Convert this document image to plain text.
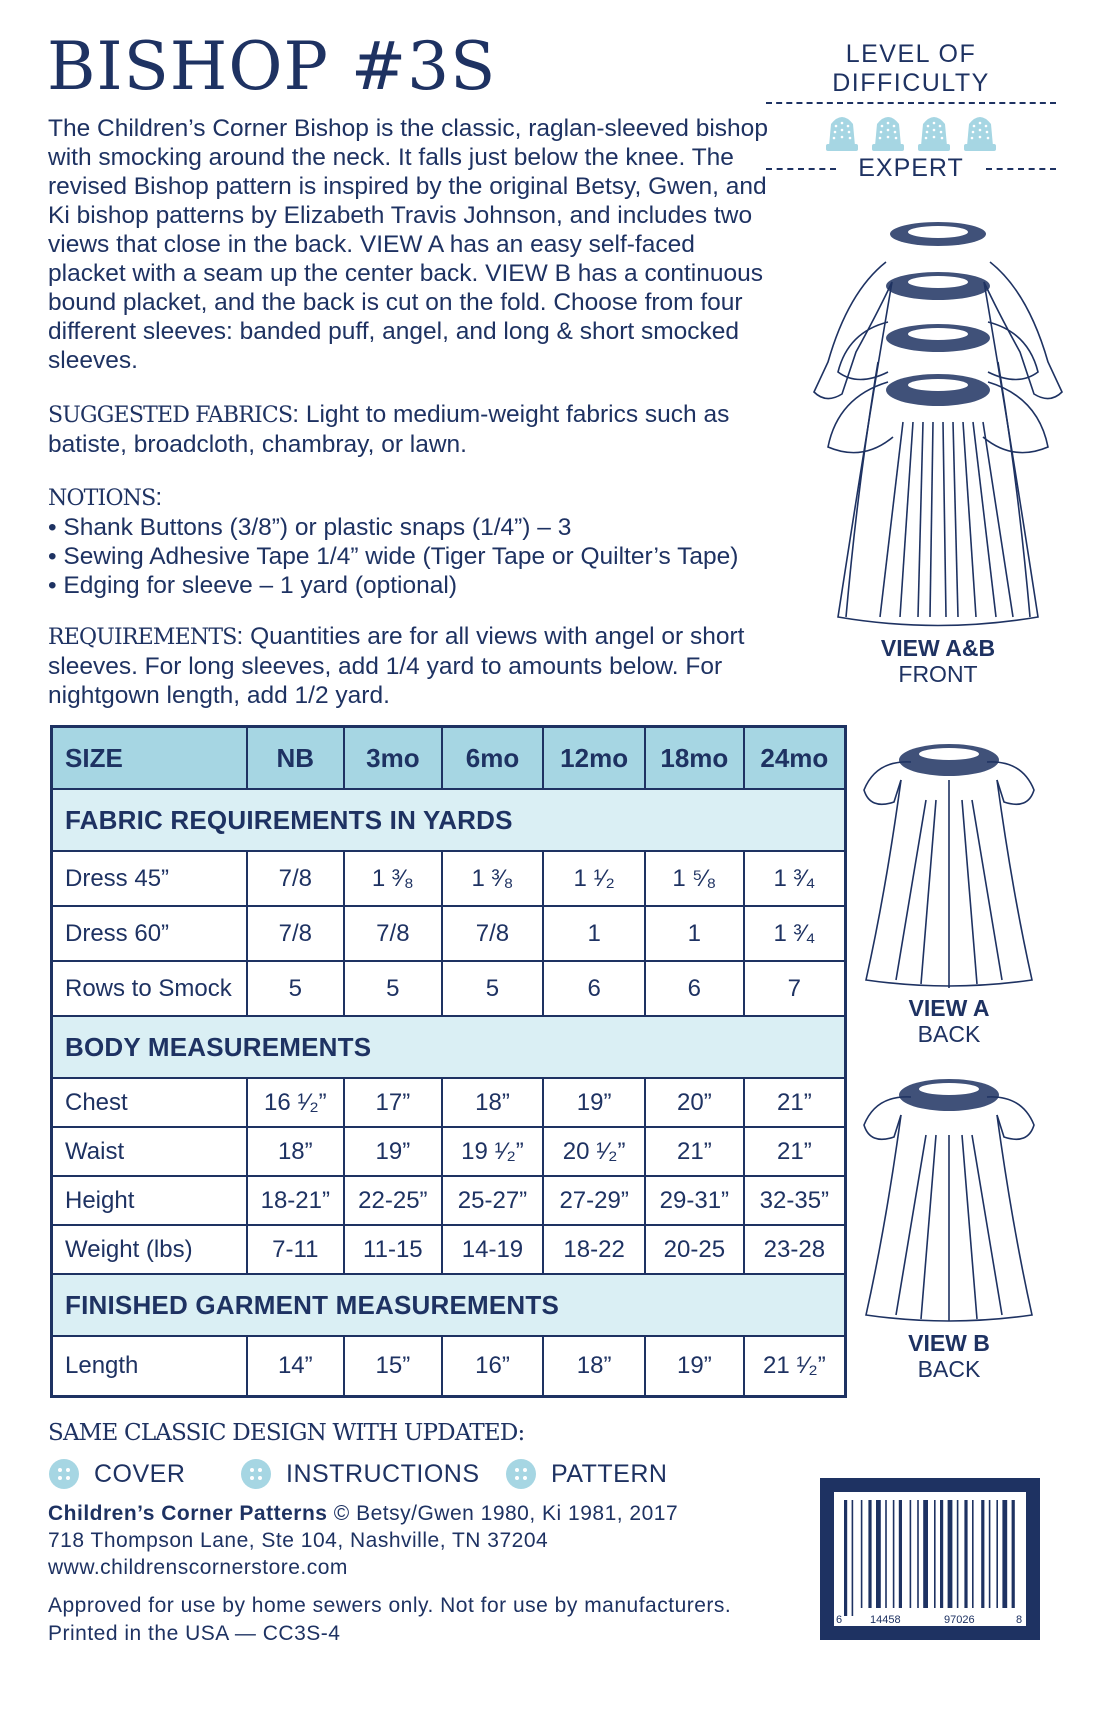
BISHOP #3S

The Children’s Corner Bishop is the classic, raglan-sleeved bishop with smocking around the neck. It falls just below the knee. The revised Bishop pattern is inspired by the original Betsy, Gwen, and Ki bishop patterns by Elizabeth Travis Johnson, and includes two views that close in the back. VIEW A has an easy self-faced placket with a seam up the center back. VIEW B has a continuous bound placket, and the back is cut on the fold. Choose from four different sleeves: banded puff, angel, and long & short smocked sleeves.

SUGGESTED FABRICS: Light to medium-weight fabrics such as batiste, broadcloth, chambray, or lawn.
NOTIONS:
• Shank Buttons (3/8”) or plastic snaps (1/4”) – 3
• Sewing Adhesive Tape 1/4” wide (Tiger Tape or Quilter’s Tape)
• Edging for sleeve – 1 yard (optional)
REQUIREMENTS: Quantities are for all views with angel or short sleeves. For long sleeves, add 1/4 yard to amounts below. For nightgown length, add 1/2 yard.
LEVEL OF DIFFICULTY
EXPERT
VIEW A&B
FRONT
VIEW A
BACK
VIEW B
BACK
SIZE	NB	3mo	6mo	12mo	18mo	24mo
FABRIC REQUIREMENTS IN YARDS						
Dress 45”	7/8	1 ³⁄₈	1 ³⁄₈	1 ¹⁄₂	1 ⁵⁄₈	1 ³⁄₄
Dress 60”	7/8	7/8	7/8	1	1	1 ³⁄₄
Rows to Smock	5	5	5	6	6	7
BODY MEASUREMENTS						
Chest	16 ¹⁄₂”	17”	18”	19”	20”	21”
Waist	18”	19”	19 ¹⁄₂”	20 ¹⁄₂”	21”	21”
Height	18-21”	22-25”	25-27”	27-29”	29-31”	32-35”
Weight (lbs)	7-11	11-15	14-19	18-22	20-25	23-28
FINISHED GARMENT MEASUREMENTS						
Length	14”	15”	16”	18”	19”	21 ¹⁄₂”
SAME CLASSIC DESIGN WITH UPDATED:
COVER	INSTRUCTIONS	PATTERN
Children’s Corner Patterns © Betsy/Gwen 1980, Ki 1981, 2017
718 Thompson Lane, Ste 104, Nashville, TN 37204
www.childrenscornerstore.com
Approved for use by home sewers only. Not for use by manufacturers.
Printed in the USA — CC3S-4
6	14458	97026	8
